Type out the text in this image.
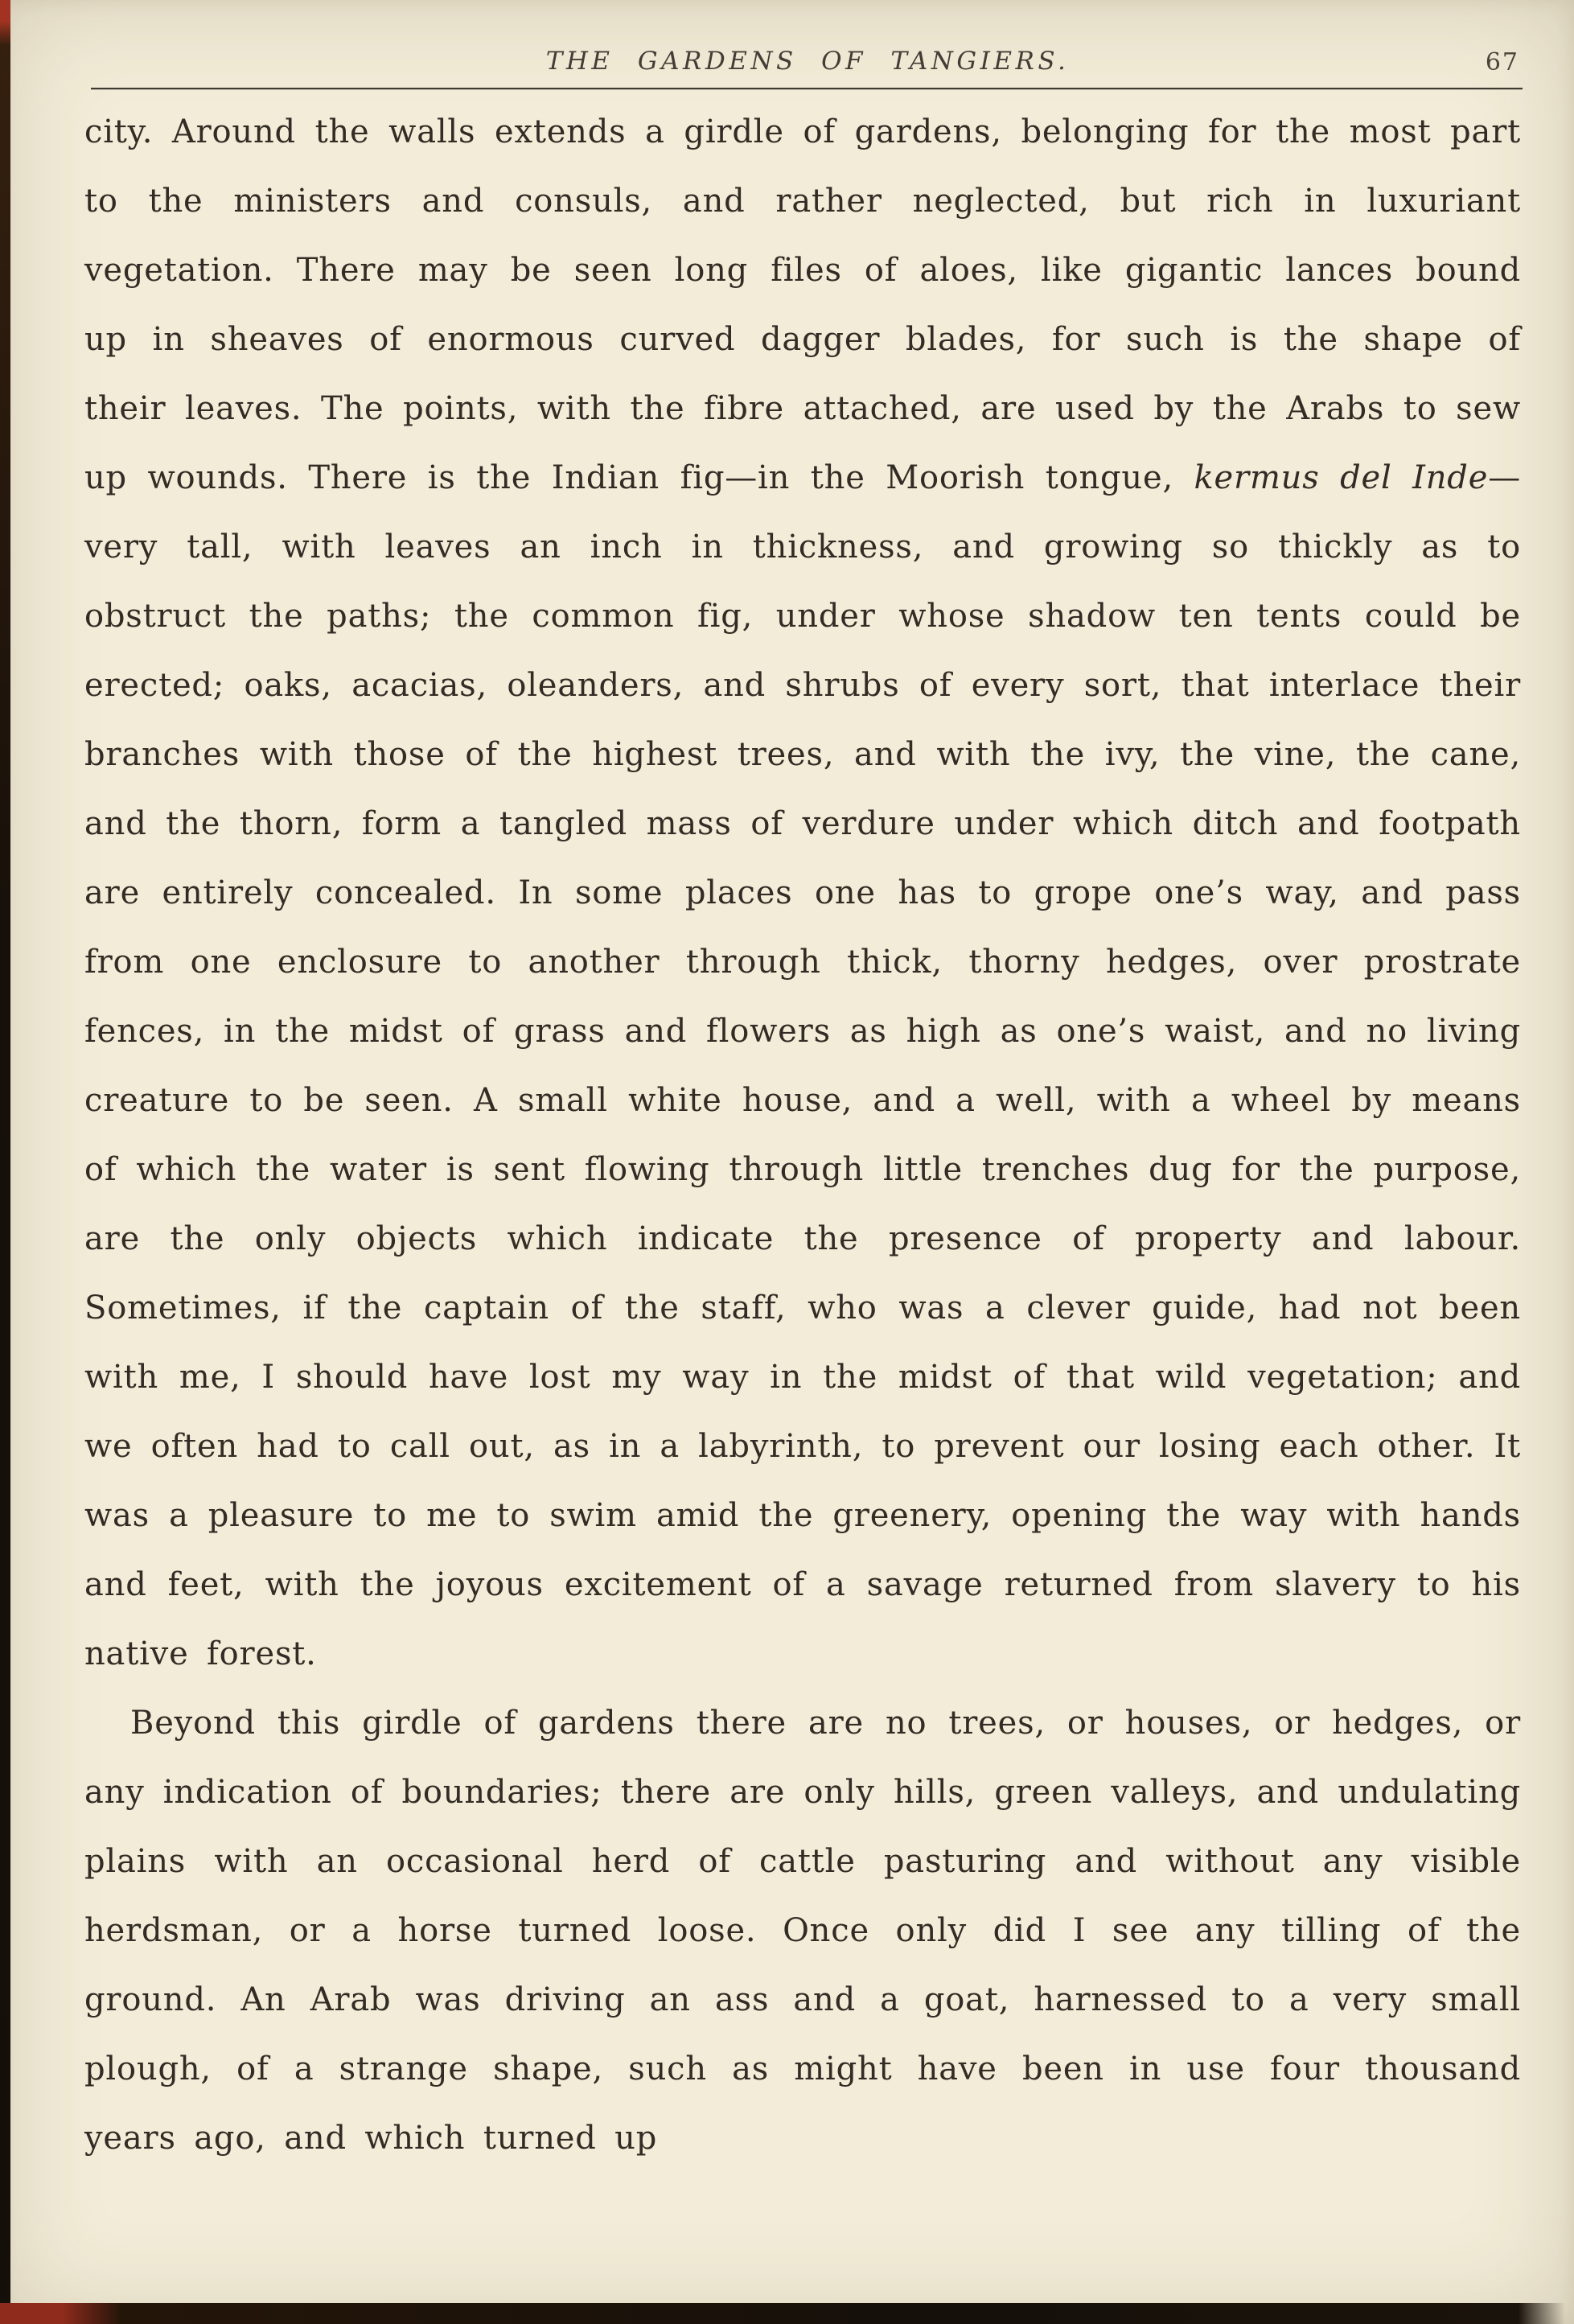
THE GARDENS OF TANGIERS.	67

city. Around the walls extends a girdle of gardens, belonging for the most part to the ministers and consuls, and rather neglected, but rich in luxuriant vegetation. There may be seen long files of aloes, like gigantic lances bound up in sheaves of enormous curved dagger blades, for such is the shape of their leaves. The points, with the fibre attached, are used by the Arabs to sew up wounds. There is the Indian fig—in the Moorish tongue, kermus del Inde—very tall, with leaves an inch in thickness, and growing so thickly as to obstruct the paths; the common fig, under whose shadow ten tents could be erected; oaks, acacias, oleanders, and shrubs of every sort, that interlace their branches with those of the highest trees, and with the ivy, the vine, the cane, and the thorn, form a tangled mass of verdure under which ditch and footpath are entirely concealed. In some places one has to grope one’s way, and pass from one enclosure to another through thick, thorny hedges, over prostrate fences, in the midst of grass and flowers as high as one’s waist, and no living creature to be seen. A small white house, and a well, with a wheel by means of which the water is sent flowing through little trenches dug for the purpose, are the only objects which indicate the presence of property and labour. Sometimes, if the captain of the staff, who was a clever guide, had not been with me, I should have lost my way in the midst of that wild vegetation; and we often had to call out, as in a labyrinth, to prevent our losing each other. It was a pleasure to me to swim amid the greenery, opening the way with hands and feet, with the joyous excitement of a savage returned from slavery to his native forest.

Beyond this girdle of gardens there are no trees, or houses, or hedges, or any indication of boundaries; there are only hills, green valleys, and undulating plains with an occasional herd of cattle pasturing and without any visible herdsman, or a horse turned loose. Once only did I see any tilling of the ground. An Arab was driving an ass and a goat, harnessed to a very small plough, of a strange shape, such as might have been in use four thousand years ago, and which turned up
